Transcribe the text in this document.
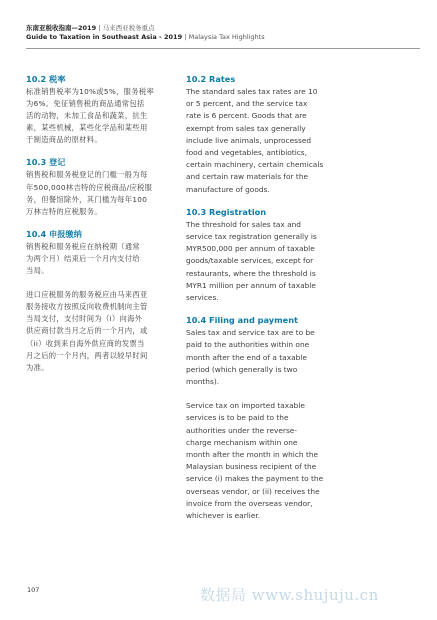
东南亚税收指南—2019 | 马来西亚税务重点
Guide to Taxation in Southeast Asia - 2019 | Malaysia Tax Highlights
10.2 税率

标准销售税率为10%或5%，服务税率

为6%。免征销售税的商品通常包括

活的动物，未加工食品和蔬菜，抗生

素，某些机械，某些化学品和某些用

于制造商品的原材料。

10.3 登记

销售税和服务税登记的门槛一般为每

年500,000林吉特的应税商品/应税服

务，但餐馆除外，其门槛为每年100

万林吉特的应税服务。

10.4 申报缴纳

销售税和服务税应在纳税期（通常

为两个月）结束后一个月内支付给

当局。

进口应税服务的服务税应由马来西亚

服务接收方按照反向收费机制向主管

当局支付，支付时间为（i）向海外

供应商付款当月之后的一个月内，或

（ii）收到来自海外供应商的发票当

月之后的一个月内，两者以较早时间

为准。

10.2 Rates

The standard sales tax rates are 10

or 5 percent, and the service tax

rate is 6 percent. Goods that are

exempt from sales tax generally

include live animals, unprocessed

food and vegetables, antibiotics,

certain machinery, certain chemicals

and certain raw materials for the

manufacture of goods.

10.3 Registration

The threshold for sales tax and

service tax registration generally is

MYR500,000 per annum of taxable

goods/taxable services, except for

restaurants, where the threshold is

MYR1 million per annum of taxable

services.

10.4 Filing and payment

Sales tax and service tax are to be

paid to the authorities within one

month after the end of a taxable

period (which generally is two

months).

Service tax on imported taxable

services is to be paid to the

authorities under the reverse-

charge mechanism within one

month after the month in which the

Malaysian business recipient of the

service (i) makes the payment to the

overseas vendor, or (ii) receives the

invoice from the overseas vendor,

whichever is earlier.

107	数据局 www.shujuju.cn
